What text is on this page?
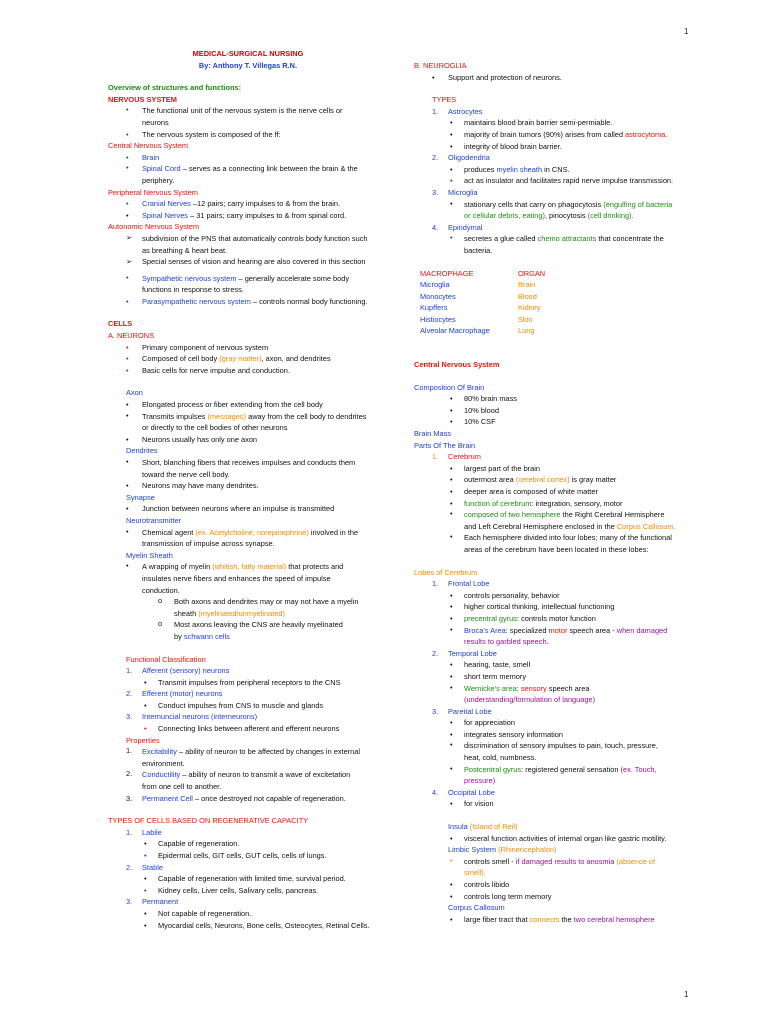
1
1
MEDICAL-SURGICAL NURSING
By: Anthony T. Villegas R.N.
Overview of structures and functions:
NERVOUS SYSTEM
• The functional unit of the nervous system is the nerve cells or
neurons
• The nervous system is composed of the ff:
Central Nervous System
• Brain
• Spinal Cord – serves as a connecting link between the brain & the
periphery.
Peripheral Nervous System
• Cranial Nerves –12 pairs; carry impulses to & from the brain.
• Spinal Nerves – 31 pairs; carry impulses to & from spinal cord.
Autonomic Nervous System
➢ subdivision of the PNS that automatically controls body function such
as breathing & heart beat.
➢ Special senses of vision and hearing are also covered in this section
• Sympathetic nervous system – generally accelerate some body
functions in response to stress.
• Parasympathetic nervous system – controls normal body functioning.
CELLS
A. NEURONS
• Primary component of nervous system
• Composed of cell body (gray matter), axon, and dendrites
• Basic cells for nerve impulse and conduction.
Axon
• Elongated process or fiber extending from the cell body
• Transmits impulses (messages) away from the cell body to dendrites
or directly to the cell bodies of other neurons
• Neurons usually has only one axon
Dendrites
• Short, blanching fibers that receives impulses and conducts them
toward the nerve cell body.
• Neurons may have many dendrites.
Synapse
• Junction between neurons where an impulse is transmitted
Neurotransmitter
• Chemical agent (ex. Acetylcholine, norepinephrine) involved in the
transmission of impulse across synapse.
Myelin Sheath
• A wrapping of myelin (whitish, fatty material) that protects and
insulates nerve fibers and enhances the speed of impulse
conduction.
o Both axons and dendrites may or may not have a myelin
sheath (myelinated/unmyelinated)
o Most axons leaving the CNS are heavily myelinated
by schwann cells
Functional Classification
1. Afferent (sensory) neurons
• Transmit impulses from peripheral receptors to the CNS
2. Efferent (motor) neurons
• Conduct impulses from CNS to muscle and glands
3. Internuncial neurons (interneurons)
• Connecting links between afferent and efferent neurons
Properties
1. Excitability – ability of neuron to be affected by changes in external
environment.
2. Conductility – ability of neuron to transmit a wave of excitetation
from one cell to another.
3. Permanent Cell – once destroyed not capable of regeneration.
TYPES OF CELLS BASED ON REGENERATIVE CAPACITY
1. Labile
• Capable of regeneration.
• Epidermal cells, GIT cells, GUT cells, cells of lungs.
2. Stable
• Capable of regeneration with limited time, survival period.
• Kidney cells, Liver cells, Salivary cells, pancreas.
3. Permanent
• Not capable of regeneration.
• Myocardial cells, Neurons, Bone cells, Osteocytes, Retinal Cells.
B. NEUROGLIA
• Support and protection of neurons.
TYPES
1. Astrocytes
• maintains blood brain barrier semi-permiable.
• majority of brain tumors (90%) arises from called astrocytoma.
• integrity of blood brain barrier.
2. Oligodendria
• produces myelin sheath in CNS.
• act as insulator and facilitates rapid nerve impulse transmission.
3. Microglia
• stationary cells that carry on phagocytosis (engulfing of bacteria
or cellular debris, eating), pinocytosis (cell drinking).
4. Epindymal
• secretes a glue called chemo attractants that concentrate the
bacteria.
MACROPHAGE	ORGAN
Microglia	Brain
Monocytes	Blood
Kupffers	Kidney
Histiocytes	Skin
Alveolar Macrophage	Lung
Central Nervous System
Composition Of Brain
• 80% brain mass
• 10% blood
• 10% CSF
Brain Mass
Parts Of The Brain
1. Cerebrum
• largest part of the brain
• outermost area (cerebral cortex) is gray matter
• deeper area is composed of white matter
• function of cerebrum: integration, sensory, motor
• composed of two hemisphere the Right Cerebral Hemisphere
and Left Cerebral Hemisphere enclosed in the Corpus Callosum.
• Each hemisphere divided into four lobes; many of the functional
areas of the cerebrum have been located in these lobes:
Lobes of Cerebrum
1. Frontal Lobe
• controls personality, behavior
• higher cortical thinking, intellectual functioning
• precentral gyrus: controls motor function
• Broca’s Area: specialized motor speech area - when damaged
results to garbled speech.
2. Temporal Lobe
• hearing, taste, smell
• short term memory
• Wernicke’s area: sensory speech area
(understanding/formulation of language)
3. Pareital Lobe
• for appreciation
• integrates sensory information
• discrimination of sensory impulses to pain, touch, pressure,
heat, cold, numbness.
• Postcentral gyrus: registered general sensation (ex. Touch,
pressure)
4. Occipital Lobe
• for vision
Insula (Island of Reil)
• visceral function activities of internal organ like gastric motility.
Limbic System (Rhinencephalon)
• controls smell - if damaged results to anosmia (absence of
smell).
• controls libido
• controls long term memory
Corpus Callosum
• large fiber tract that connects the two cerebral hemisphere
